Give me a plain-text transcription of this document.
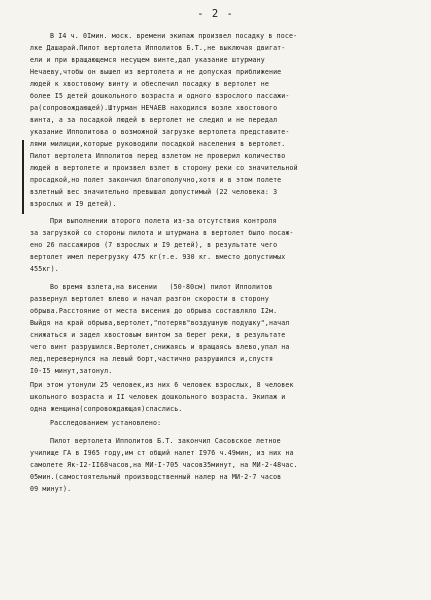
- 2 -
В I4 ч. 0Iмин. моск. времени экипаж произвел посадку в посе-
лке Дашарай.Пилот вертолета Ипполитов Б.Т.,не выключая двигат-
ели и при вращающемся несущем винте,дал указание штурману
Нечаеву,чтобы он вышел из вертолета и не допуская приближение
людей к хвостовому винту и обеспечил посадку в вертолет не
более I5 детей дошкольного возраста и одного взрослого пассажи-
ра(сопровождающей).Штурман НЕЧАЕВ находился возле хвостового
винта, а за посадкой людей в вертолет не следил и не передал
указание Ипполитова о возможной загрузке вертолета представите-
лями милиции,которые руководили посадкой населения в вертолет.
Пилот вертолета Ипполитов перед взлетом не проверил количество
людей в вертолете и произвел взлет в сторону реки со значительной
просадкой,но полет закончил благополучно,хотя и в этом полете
взлетный вес значительно превышал допустимый (22 человека: 3
взрослых и I9 детей).
При выполнении второго полета из-за отсутствия контроля
за загрузкой со стороны пилота и штурмана в вертолет было посаж-
ено 26 пассажиров (7 взрослых и I9 детей), в результате чего
вертолет имел перегрузку 475 кг(т.е. 930 кг. вместо допустимых
455кг).
Во время взлета,на висении   (50-80см) пилот Ипполитов
развернул вертолет влево и начал разгон скорости в сторону
обрыва.Расстояние от места висения до обрыва составляло I2м.
Выйдя на край обрыва,вертолет,"потеряв"воздушную подушку",начал
снижаться и задел хвостовым винтом за берег реки, в результате
чего винт разрушился.Вертолет,снижаясь и вращаясь влево,упал на
лед,перевернулся на левый борт,частично разрушился и,спустя
I0-I5 минут,затонул.
При этом утонули 25 человек,из них 6 человек взрослых, 8 человек
школьного возраста и II человек дошкольного возраста. Экипаж и
одна женщина(сопровождающая)спаслись.
Расследованием установлено:
Пилот вертолета Ипполитов Б.Т. закончил Сасовское летное
училище ГА в I965 году,им ст общий налет I976 ч.49мин, из них на
самолете Як-I2-II68часов,на МИ-I-705 часов35минут, на МИ-2-48час.
05мин.(самостоятельный производственный налер на МИ-2-7 часов
09 минут).
